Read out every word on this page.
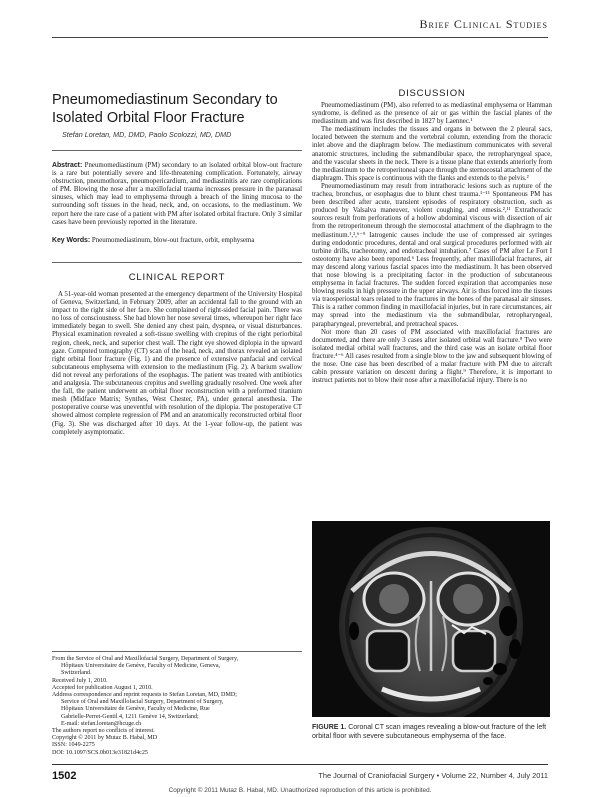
Brief Clinical Studies
Pneumomediastinum Secondary to Isolated Orbital Floor Fracture
Stefan Loretan, MD, DMD, Paolo Scolozzi, MD, DMD

Abstract: Pneumomediastinum (PM) secondary to an isolated orbital blow-out fracture is a rare but potentially severe and life-threatening complication. Fortunately, airway obstruction, pneumothorax, pneumopericardium, and mediastinitis are rare complications of PM. Blowing the nose after a maxillofacial trauma increases pressure in the paranasal sinuses, which may lead to emphysema through a breach of the lining mucosa to the surrounding soft tissues in the head, neck, and, on occasions, to the mediastinum. We report here the rare case of a patient with PM after isolated orbital fracture. Only 3 similar cases have been previously reported in the literature.

Key Words: Pneumomediastinum, blow-out fracture, orbit, emphysema

CLINICAL REPORT

A 51-year-old woman presented at the emergency department of the University Hospital of Geneva, Switzerland, in February 2009, after an accidental fall to the ground with an impact to the right side of her face. She complained of right-sided facial pain. There was no loss of consciousness. She had blown her nose several times, whereupon her right face immediately began to swell. She denied any chest pain, dyspnea, or visual disturbances. Physical examination revealed a soft-tissue swelling with crepitus of the right periorbital region, cheek, neck, and superior chest wall. The right eye showed diplopia in the upward gaze. Computed tomography (CT) scan of the head, neck, and thorax revealed an isolated right orbital floor fracture (Fig. 1) and the presence of extensive panfacial and cervical subcutaneous emphysema with extension to the mediastinum (Fig. 2). A barium swallow did not reveal any perforations of the esophagus. The patient was treated with antibiotics and analgesia. The subcutaneous crepitus and swelling gradually resolved. One week after the fall, the patient underwent an orbital floor reconstruction with a preformed titanium mesh (Midface Matrix; Synthes, West Chester, PA), under general anesthesia. The postoperative course was uneventful with resolution of the diplopia. The postoperative CT showed almost complete regression of PM and an anatomically reconstructed orbital floor (Fig. 3). She was discharged after 10 days. At the 1-year follow-up, the patient was completely asymptomatic.

From the Service of Oral and Maxillofacial Surgery, Department of Surgery,
Hôpitaux Universitaire de Genève, Faculty of Medicine, Geneva,
Switzerland.
Received July 1, 2010.
Accepted for publication August 1, 2010.
Address correspondence and reprint requests to Stefan Loretan, MD, DMD;
Service of Oral and Maxillofacial Surgery, Department of Surgery,
Hôpitaux Universitaire de Genève, Faculty of Medicine, Rue
Gabrielle-Perret-Gentil 4, 1211 Genève 14, Switzerland;
E-mail: stefan.loretan@hcuge.ch
The authors report no conflicts of interest.
Copyright © 2011 by Mutaz B. Habal, MD
ISSN: 1049-2275
DOI: 10.1097/SCS.0b013e31821d4c25
DISCUSSION

Pneumomediastinum (PM), also referred to as mediastinal emphysema or Hamman syndrome, is defined as the presence of air or gas within the fascial planes of the mediastinum and was first described in 1827 by Laennec.¹

The mediastinum includes the tissues and organs in between the 2 pleural sacs, located between the sternum and the vertebral column, extending from the thoracic inlet above and the diaphragm below. The mediastinum communicates with several anatomic structures, including the submandibular space, the retropharyngeal space, and the vascular sheets in the neck. There is a tissue plane that extends anteriorly from the mediastinum to the retroperitoneal space through the sternocostal attachment of the diaphragm. This space is continuous with the flanks and extends to the pelvis.²

Pneumomediastinum may result from intrathoracic lesions such as rupture of the trachea, bronchus, or esophagus due to blunt chest trauma.¹⁻¹¹ Spontaneous PM has been described after acute, transient episodes of respiratory obstruction, such as produced by Valsalva maneuver, violent coughing, and emesis.²,¹¹ Extrathoracic sources result from perforations of a hollow abdominal viscous with dissection of air from the retroperitoneum through the sternocostal attachment of the diaphragm to the mediastinum.¹,²,⁶⁻⁹ Iatrogenic causes include the use of compressed air syringes during endodontic procedures, dental and oral surgical procedures performed with air turbine drills, tracheotomy, and endotracheal intubation.⁷ Cases of PM after Le Fort I osteotomy have also been reported.⁶ Less frequently, after maxillofacial fractures, air may descend along various fascial spaces into the mediastinum. It has been observed that nose blowing is a precipitating factor in the production of subcutaneous emphysema in facial fractures. The sudden forced expiration that accompanies nose blowing results in high pressure in the upper airways. Air is thus forced into the tissues via traosperiostal tears related to the fractures in the bones of the paranasal air sinuses. This is a rather common finding in maxillofacial injuries, but in rare circumstances, air may spread into the mediastinum via the submandibular, retropharyngeal, parapharyngeal, prevertebral, and pretracheal spaces.

Not more than 20 cases of PM associated with maxillofacial fractures are documented, and there are only 3 cases after isolated orbital wall fracture.⁸ Two were isolated medial orbital wall fractures, and the third case was an isolate orbital floor fracture.⁴⁻⁶ All cases resulted from a single blow to the jaw and subsequent blowing of the nose. One case has been described of a malar fracture with PM due to aircraft cabin pressure variation on descent during a flight.⁹ Therefore, it is important to instruct patients not to blow their nose after a maxillofacial injury. There is no

FIGURE 1. Coronal CT scan images revealing a blow-out fracture of the left orbital floor with severe subcutaneous emphysema of the face.
1502	The Journal of Craniofacial Surgery • Volume 22, Number 4, July 2011
Copyright © 2011 Mutaz B. Habal, MD. Unauthorized reproduction of this article is prohibited.
